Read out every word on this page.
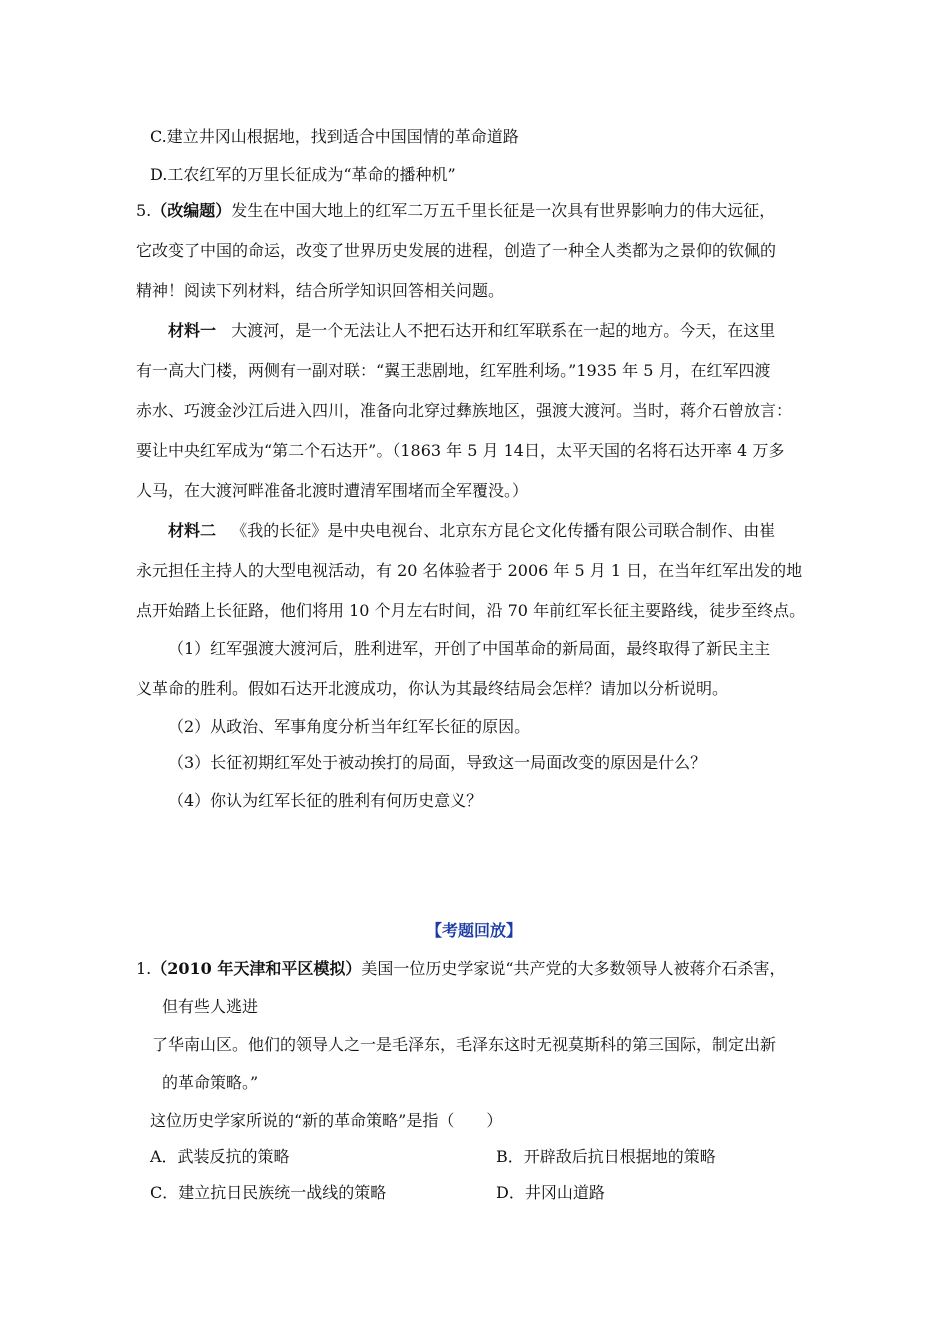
C.建立井冈山根据地，找到适合中国国情的革命道路
D.工农红军的万里长征成为“革命的播种机”
5.（改编题）发生在中国大地上的红军二万五千里长征是一次具有世界影响力的伟大远征，
它改变了中国的命运，改变了世界历史发展的进程，创造了一种全人类都为之景仰的钦佩的
精神！阅读下列材料，结合所学知识回答相关问题。
材料一 大渡河，是一个无法让人不把石达开和红军联系在一起的地方。今天，在这里
有一高大门楼，两侧有一副对联：“翼王悲剧地，红军胜利场。”1935 年 5 月，在红军四渡
赤水、巧渡金沙江后进入四川，准备向北穿过彝族地区，强渡大渡河。当时，蒋介石曾放言：
要让中央红军成为“第二个石达开”。（1863 年 5 月 14日，太平天国的名将石达开率 4 万多
人马，在大渡河畔准备北渡时遭清军围堵而全军覆没。）
材料二 《我的长征》是中央电视台、北京东方昆仑文化传播有限公司联合制作、由崔
永元担任主持人的大型电视活动，有 20 名体验者于 2006 年 5 月 1 日，在当年红军出发的地
点开始踏上长征路，他们将用 10 个月左右时间，沿 70 年前红军长征主要路线，徒步至终点。
（1）红军强渡大渡河后，胜利进军，开创了中国革命的新局面，最终取得了新民主主
义革命的胜利。假如石达开北渡成功，你认为其最终结局会怎样？请加以分析说明。
（2）从政治、军事角度分析当年红军长征的原因。
（3）长征初期红军处于被动挨打的局面，导致这一局面改变的原因是什么？
（4）你认为红军长征的胜利有何历史意义？
【考题回放】
1.（2010 年天津和平区模拟）美国一位历史学家说“共产党的大多数领导人被蒋介石杀害，
但有些人逃进
了华南山区。他们的领导人之一是毛泽东，毛泽东这时无视莫斯科的第三国际，制定出新
的革命策略。”
这位历史学家所说的“新的革命策略”是指（　　）
A．武装反抗的策略	B．开辟敌后抗日根据地的策略
C．建立抗日民族统一战线的策略	D．井冈山道路
